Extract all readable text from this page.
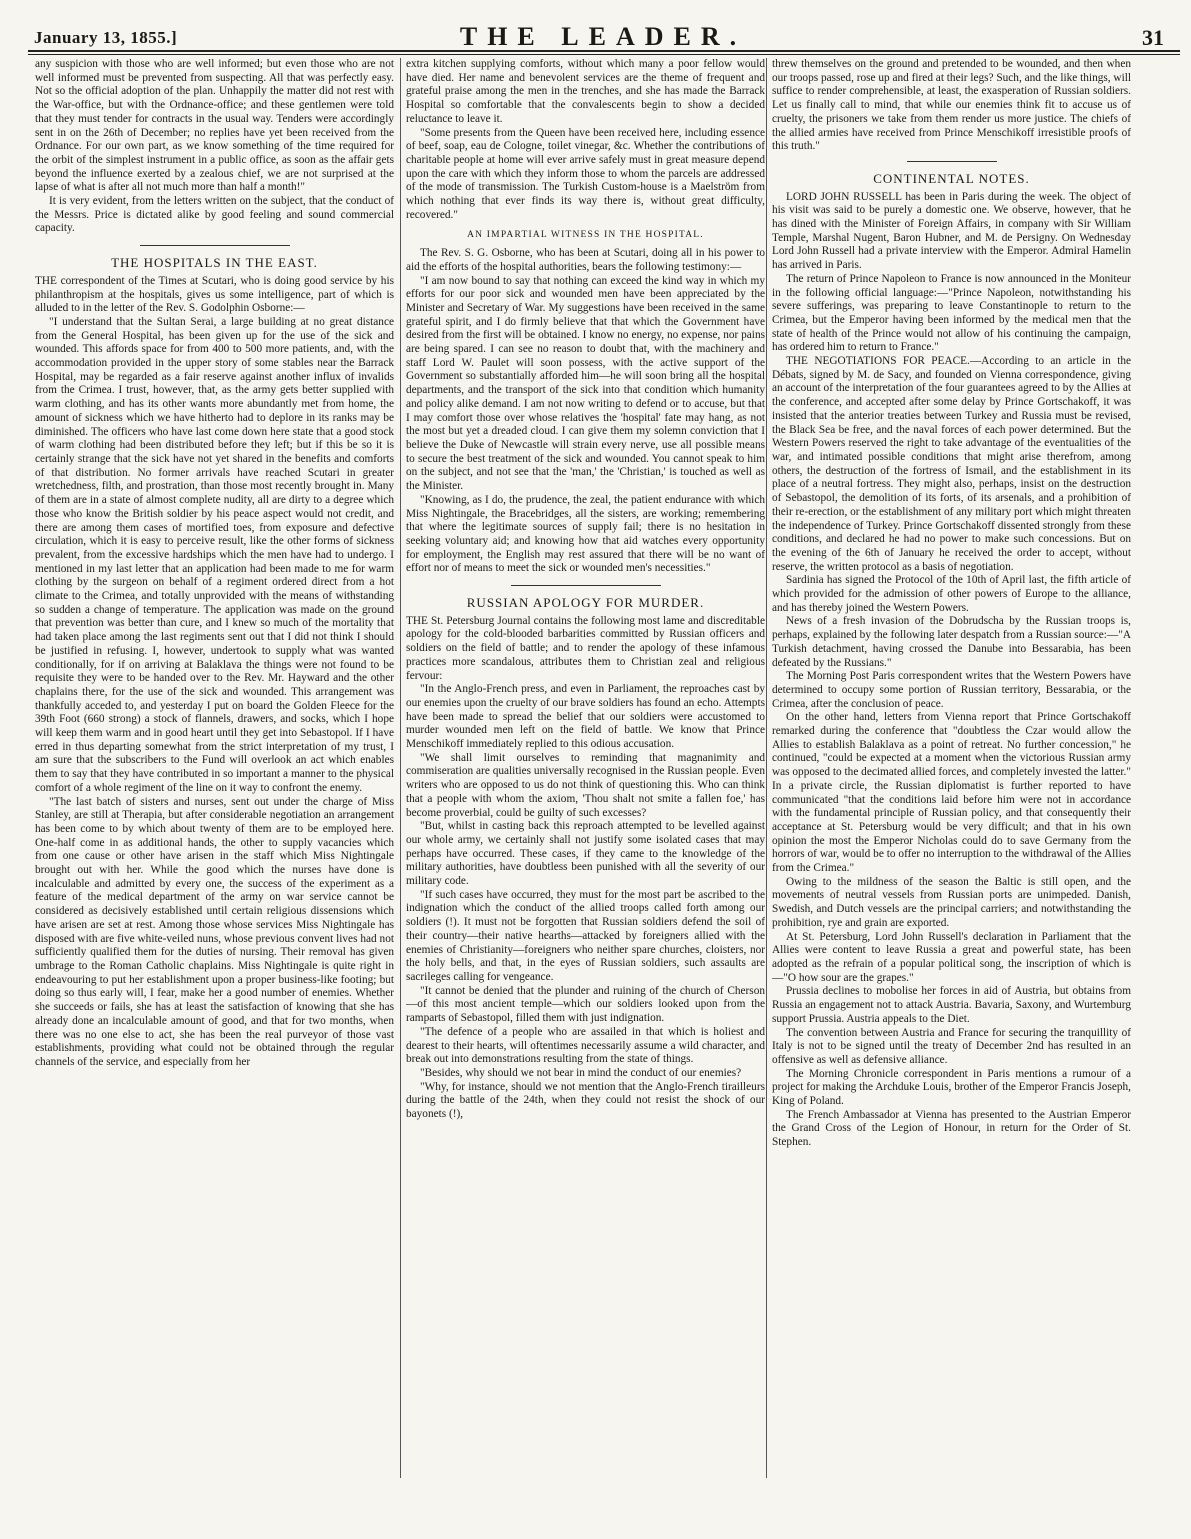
January 13, 1855.]	THE LEADER.	31

any suspicion with those who are well informed; but even those who are not well informed must be prevented from suspecting. All that was perfectly easy. Not so the official adoption of the plan. Unhappily the matter did not rest with the War-office, but with the Ordnance-office; and these gentlemen were told that they must tender for contracts in the usual way. Tenders were accordingly sent in on the 26th of December; no replies have yet been received from the Ordnance. For our own part, as we know something of the time required for the orbit of the simplest instrument in a public office, as soon as the affair gets beyond the influence exerted by a zealous chief, we are not surprised at the lapse of what is after all not much more than half a month!"

It is very evident, from the letters written on the subject, that the conduct of the Messrs. Price is dictated alike by good feeling and sound commercial capacity.

THE HOSPITALS IN THE EAST.

THE correspondent of the Times at Scutari, who is doing good service by his philanthropism at the hospitals, gives us some intelligence, part of which is alluded to in the letter of the Rev. S. Godolphin Osborne:—

"I understand that the Sultan Serai, a large building at no great distance from the General Hospital, has been given up for the use of the sick and wounded. This affords space for from 400 to 500 more patients, and, with the accommodation provided in the upper story of some stables near the Barrack Hospital, may be regarded as a fair reserve against another influx of invalids from the Crimea. I trust, however, that, as the army gets better supplied with warm clothing, and has its other wants more abundantly met from home, the amount of sickness which we have hitherto had to deplore in its ranks may be diminished. The officers who have last come down here state that a good stock of warm clothing had been distributed before they left; but if this be so it is certainly strange that the sick have not yet shared in the benefits and comforts of that distribution. No former arrivals have reached Scutari in greater wretchedness, filth, and prostration, than those most recently brought in. Many of them are in a state of almost complete nudity, all are dirty to a degree which those who know the British soldier by his peace aspect would not credit, and there are among them cases of mortified toes, from exposure and defective circulation, which it is easy to perceive result, like the other forms of sickness prevalent, from the excessive hardships which the men have had to undergo. I mentioned in my last letter that an application had been made to me for warm clothing by the surgeon on behalf of a regiment ordered direct from a hot climate to the Crimea, and totally unprovided with the means of withstanding so sudden a change of temperature. The application was made on the ground that prevention was better than cure, and I knew so much of the mortality that had taken place among the last regiments sent out that I did not think I should be justified in refusing. I, however, undertook to supply what was wanted conditionally, for if on arriving at Balaklava the things were not found to be requisite they were to be handed over to the Rev. Mr. Hayward and the other chaplains there, for the use of the sick and wounded. This arrangement was thankfully acceded to, and yesterday I put on board the Golden Fleece for the 39th Foot (660 strong) a stock of flannels, drawers, and socks, which I hope will keep them warm and in good heart until they get into Sebastopol. If I have erred in thus departing somewhat from the strict interpretation of my trust, I am sure that the subscribers to the Fund will overlook an act which enables them to say that they have contributed in so important a manner to the physical comfort of a whole regiment of the line on it way to confront the enemy.

"The last batch of sisters and nurses, sent out under the charge of Miss Stanley, are still at Therapia, but after considerable negotiation an arrangement has been come to by which about twenty of them are to be employed here. One-half come in as additional hands, the other to supply vacancies which from one cause or other have arisen in the staff which Miss Nightingale brought out with her. While the good which the nurses have done is incalculable and admitted by every one, the success of the experiment as a feature of the medical department of the army on war service cannot be considered as decisively established until certain religious dissensions which have arisen are set at rest. Among those whose services Miss Nightingale has disposed with are five white-veiled nuns, whose previous convent lives had not sufficiently qualified them for the duties of nursing. Their removal has given umbrage to the Roman Catholic chaplains. Miss Nightingale is quite right in endeavouring to put her establishment upon a proper business-like footing; but doing so thus early will, I fear, make her a good number of enemies. Whether she succeeds or fails, she has at least the satisfaction of knowing that she has already done an incalculable amount of good, and that for two months, when there was no one else to act, she has been the real purveyor of those vast establishments, providing what could not be obtained through the regular channels of the service, and especially from her

extra kitchen supplying comforts, without which many a poor fellow would have died. Her name and benevolent services are the theme of frequent and grateful praise among the men in the trenches, and she has made the Barrack Hospital so comfortable that the convalescents begin to show a decided reluctance to leave it.

"Some presents from the Queen have been received here, including essence of beef, soap, eau de Cologne, toilet vinegar, &c. Whether the contributions of charitable people at home will ever arrive safely must in great measure depend upon the care with which they inform those to whom the parcels are addressed of the mode of transmission. The Turkish Custom-house is a Maelström from which nothing that ever finds its way there is, without great difficulty, recovered."

AN IMPARTIAL WITNESS IN THE HOSPITAL.

The Rev. S. G. Osborne, who has been at Scutari, doing all in his power to aid the efforts of the hospital authorities, bears the following testimony:—

"I am now bound to say that nothing can exceed the kind way in which my efforts for our poor sick and wounded men have been appreciated by the Minister and Secretary of War. My suggestions have been received in the same grateful spirit, and I do firmly believe that that which the Government have desired from the first will be obtained. I know no energy, no expense, nor pains are being spared. I can see no reason to doubt that, with the machinery and staff Lord W. Paulet will soon possess, with the active support of the Government so substantially afforded him—he will soon bring all the hospital departments, and the transport of the sick into that condition which humanity and policy alike demand. I am not now writing to defend or to accuse, but that I may comfort those over whose relatives the 'hospital' fate may hang, as not the most but yet a dreaded cloud. I can give them my solemn conviction that I believe the Duke of Newcastle will strain every nerve, use all possible means to secure the best treatment of the sick and wounded. You cannot speak to him on the subject, and not see that the 'man,' the 'Christian,' is touched as well as the Minister.

"Knowing, as I do, the prudence, the zeal, the patient endurance with which Miss Nightingale, the Bracebridges, all the sisters, are working; remembering that where the legitimate sources of supply fail; there is no hesitation in seeking voluntary aid; and knowing how that aid watches every opportunity for employment, the English may rest assured that there will be no want of effort nor of means to meet the sick or wounded men's necessities."

RUSSIAN APOLOGY FOR MURDER.

THE St. Petersburg Journal contains the following most lame and discreditable apology for the cold-blooded barbarities committed by Russian officers and soldiers on the field of battle; and to render the apology of these infamous practices more scandalous, attributes them to Christian zeal and religious fervour:

"In the Anglo-French press, and even in Parliament, the reproaches cast by our enemies upon the cruelty of our brave soldiers has found an echo. Attempts have been made to spread the belief that our soldiers were accustomed to murder wounded men left on the field of battle. We know that Prince Menschikoff immediately replied to this odious accusation.

"We shall limit ourselves to reminding that magnanimity and commiseration are qualities universally recognised in the Russian people. Even writers who are opposed to us do not think of questioning this. Who can think that a people with whom the axiom, 'Thou shalt not smite a fallen foe,' has become proverbial, could be guilty of such excesses?

"But, whilst in casting back this reproach attempted to be levelled against our whole army, we certainly shall not justify some isolated cases that may perhaps have occurred. These cases, if they came to the knowledge of the military authorities, have doubtless been punished with all the severity of our military code.

"If such cases have occurred, they must for the most part be ascribed to the indignation which the conduct of the allied troops called forth among our soldiers (!). It must not be forgotten that Russian soldiers defend the soil of their country—their native hearths—attacked by foreigners allied with the enemies of Christianity—foreigners who neither spare churches, cloisters, nor the holy bells, and that, in the eyes of Russian soldiers, such assaults are sacrileges calling for vengeance.

"It cannot be denied that the plunder and ruining of the church of Cherson—of this most ancient temple—which our soldiers looked upon from the ramparts of Sebastopol, filled them with just indignation.

"The defence of a people who are assailed in that which is holiest and dearest to their hearts, will oftentimes necessarily assume a wild character, and break out into demonstrations resulting from the state of things.

"Besides, why should we not bear in mind the conduct of our enemies?

"Why, for instance, should we not mention that the Anglo-French tirailleurs during the battle of the 24th, when they could not resist the shock of our bayonets (!),

threw themselves on the ground and pretended to be wounded, and then when our troops passed, rose up and fired at their legs? Such, and the like things, will suffice to render comprehensible, at least, the exasperation of Russian soldiers. Let us finally call to mind, that while our enemies think fit to accuse us of cruelty, the prisoners we take from them render us more justice. The chiefs of the allied armies have received from Prince Menschikoff irresistible proofs of this truth."

CONTINENTAL NOTES.

LORD JOHN RUSSELL has been in Paris during the week. The object of his visit was said to be purely a domestic one. We observe, however, that he has dined with the Minister of Foreign Affairs, in company with Sir William Temple, Marshal Nugent, Baron Hubner, and M. de Persigny. On Wednesday Lord John Russell had a private interview with the Emperor. Admiral Hamelin has arrived in Paris.

The return of Prince Napoleon to France is now announced in the Moniteur in the following official language:—"Prince Napoleon, notwithstanding his severe sufferings, was preparing to leave Constantinople to return to the Crimea, but the Emperor having been informed by the medical men that the state of health of the Prince would not allow of his continuing the campaign, has ordered him to return to France."

THE NEGOTIATIONS FOR PEACE.—According to an article in the Débats, signed by M. de Sacy, and founded on Vienna correspondence, giving an account of the interpretation of the four guarantees agreed to by the Allies at the conference, and accepted after some delay by Prince Gortschakoff, it was insisted that the anterior treaties between Turkey and Russia must be revised, the Black Sea be free, and the naval forces of each power determined. But the Western Powers reserved the right to take advantage of the eventualities of the war, and intimated possible conditions that might arise therefrom, among others, the destruction of the fortress of Ismail, and the establishment in its place of a neutral fortress. They might also, perhaps, insist on the destruction of Sebastopol, the demolition of its forts, of its arsenals, and a prohibition of their re-erection, or the establishment of any military port which might threaten the independence of Turkey. Prince Gortschakoff dissented strongly from these conditions, and declared he had no power to make such concessions. But on the evening of the 6th of January he received the order to accept, without reserve, the written protocol as a basis of negotiation.

Sardinia has signed the Protocol of the 10th of April last, the fifth article of which provided for the admission of other powers of Europe to the alliance, and has thereby joined the Western Powers.

News of a fresh invasion of the Dobrudscha by the Russian troops is, perhaps, explained by the following later despatch from a Russian source:—"A Turkish detachment, having crossed the Danube into Bessarabia, has been defeated by the Russians."

The Morning Post Paris correspondent writes that the Western Powers have determined to occupy some portion of Russian territory, Bessarabia, or the Crimea, after the conclusion of peace.

On the other hand, letters from Vienna report that Prince Gortschakoff remarked during the conference that "doubtless the Czar would allow the Allies to establish Balaklava as a point of retreat. No further concession," he continued, "could be expected at a moment when the victorious Russian army was opposed to the decimated allied forces, and completely invested the latter." In a private circle, the Russian diplomatist is further reported to have communicated "that the conditions laid before him were not in accordance with the fundamental principle of Russian policy, and that consequently their acceptance at St. Petersburg would be very difficult; and that in his own opinion the most the Emperor Nicholas could do to save Germany from the horrors of war, would be to offer no interruption to the withdrawal of the Allies from the Crimea."

Owing to the mildness of the season the Baltic is still open, and the movements of neutral vessels from Russian ports are unimpeded. Danish, Swedish, and Dutch vessels are the principal carriers; and notwithstanding the prohibition, rye and grain are exported.

At St. Petersburg, Lord John Russell's declaration in Parliament that the Allies were content to leave Russia a great and powerful state, has been adopted as the refrain of a popular political song, the inscription of which is—"O how sour are the grapes."

Prussia declines to mobolise her forces in aid of Austria, but obtains from Russia an engagement not to attack Austria. Bavaria, Saxony, and Wurtemburg support Prussia. Austria appeals to the Diet.

The convention between Austria and France for securing the tranquillity of Italy is not to be signed until the treaty of December 2nd has resulted in an offensive as well as defensive alliance.

The Morning Chronicle correspondent in Paris mentions a rumour of a project for making the Archduke Louis, brother of the Emperor Francis Joseph, King of Poland.

The French Ambassador at Vienna has presented to the Austrian Emperor the Grand Cross of the Legion of Honour, in return for the Order of St. Stephen.
